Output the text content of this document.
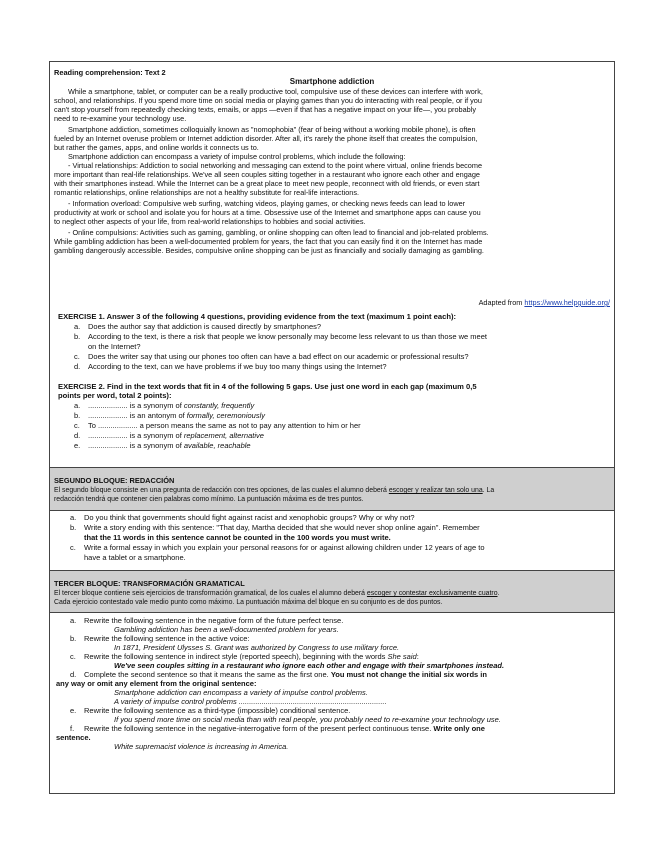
Reading comprehension: Text 2
Smartphone addiction
While a smartphone, tablet, or computer can be a really productive tool, compulsive use of these devices can interfere with work,
school, and relationships. If you spend more time on social media or playing games than you do interacting with real people, or if you
can't stop yourself from repeatedly checking texts, emails, or apps —even if that has a negative impact on your life—, you probably
need to re-examine your technology use.
Smartphone addiction, sometimes colloquially known as "nomophobia" (fear of being without a working mobile phone), is often
fueled by an Internet overuse problem or Internet addiction disorder. After all, it's rarely the phone itself that creates the compulsion,
but rather the games, apps, and online worlds it connects us to.
Smartphone addiction can encompass a variety of impulse control problems, which include the following:
- Virtual relationships: Addiction to social networking and messaging can extend to the point where virtual, online friends become
more important than real-life relationships. We've all seen couples sitting together in a restaurant who ignore each other and engage
with their smartphones instead. While the Internet can be a great place to meet new people, reconnect with old friends, or even start
romantic relationships, online relationships are not a healthy substitute for real-life interactions.
- Information overload: Compulsive web surfing, watching videos, playing games, or checking news feeds can lead to lower
productivity at work or school and isolate you for hours at a time. Obsessive use of the Internet and smartphone apps can cause you
to neglect other aspects of your life, from real-world relationships to hobbies and social activities.
- Online compulsions: Activities such as gaming, gambling, or online shopping can often lead to financial and job-related problems.
While gambling addiction has been a well-documented problem for years, the fact that you can easily find it on the Internet has made
gambling dangerously accessible. Besides, compulsive online shopping can be just as financially and socially damaging as gambling.
Adapted from https://www.helpguide.org/
EXERCISE 1. Answer 3 of the following 4 questions, providing evidence from the text (maximum 1 point each):
a. Does the author say that addiction is caused directly by smartphones?
b. According to the text, is there a risk that people we know personally may become less relevant to us than those we meet
on the Internet?
c. Does the writer say that using our phones too often can have a bad effect on our academic or professional results?
d. According to the text, can we have problems if we buy too many things using the Internet?
EXERCISE 2. Find in the text words that fit in 4 of the following 5 gaps. Use just one word in each gap (maximum 0,5
points per word, total 2 points):
a. ................... is a synonym of constantly, frequently
b. ................... is an antonym of formally, ceremoniously
c. To ................... a person means the same as not to pay any attention to him or her
d. ................... is a synonym of replacement, alternative
e. ................... is a synonym of available, reachable
SEGUNDO BLOQUE: REDACCIÓN
El segundo bloque consiste en una pregunta de redacción con tres opciones, de las cuales el alumno deberá escoger y realizar tan solo una. La
redacción tendrá que contener cien palabras como mínimo. La puntuación máxima es de tres puntos.
a. Do you think that governments should fight against racist and xenophobic groups? Why or why not?
b. Write a story ending with this sentence: "That day, Martha decided that she would never shop online again". Remember
that the 11 words in this sentence cannot be counted in the 100 words you must write.
c. Write a formal essay in which you explain your personal reasons for or against allowing children under 12 years of age to
have a tablet or a smartphone.
TERCER BLOQUE: TRANSFORMACIÓN GRAMATICAL
El tercer bloque contiene seis ejercicios de transformación gramatical, de los cuales el alumno deberá escoger y contestar exclusivamente cuatro.
Cada ejercicio contestado vale medio punto como máximo. La puntuación máxima del bloque en su conjunto es de dos puntos.
a. Rewrite the following sentence in the negative form of the future perfect tense.
Gambling addiction has been a well-documented problem for years.
b. Rewrite the following sentence in the active voice:
In 1871, President Ulysses S. Grant was authorized by Congress to use military force.
c. Rewrite the following sentence in indirect style (reported speech), beginning with the words She said:
We've seen couples sitting in a restaurant who ignore each other and engage with their smartphones instead.
d. Complete the second sentence so that it means the same as the first one. You must not change the initial six words in
any way or omit any element from the original sentence:
Smartphone addiction can encompass a variety of impulse control problems.
A variety of impulse control problems .......................................................................
e. Rewrite the following sentence as a third-type (impossible) conditional sentence.
If you spend more time on social media than with real people, you probably need to re-examine your technology use.
f. Rewrite the following sentence in the negative-interrogative form of the present perfect continuous tense. Write only one
sentence.
White supremacist violence is increasing in America.
